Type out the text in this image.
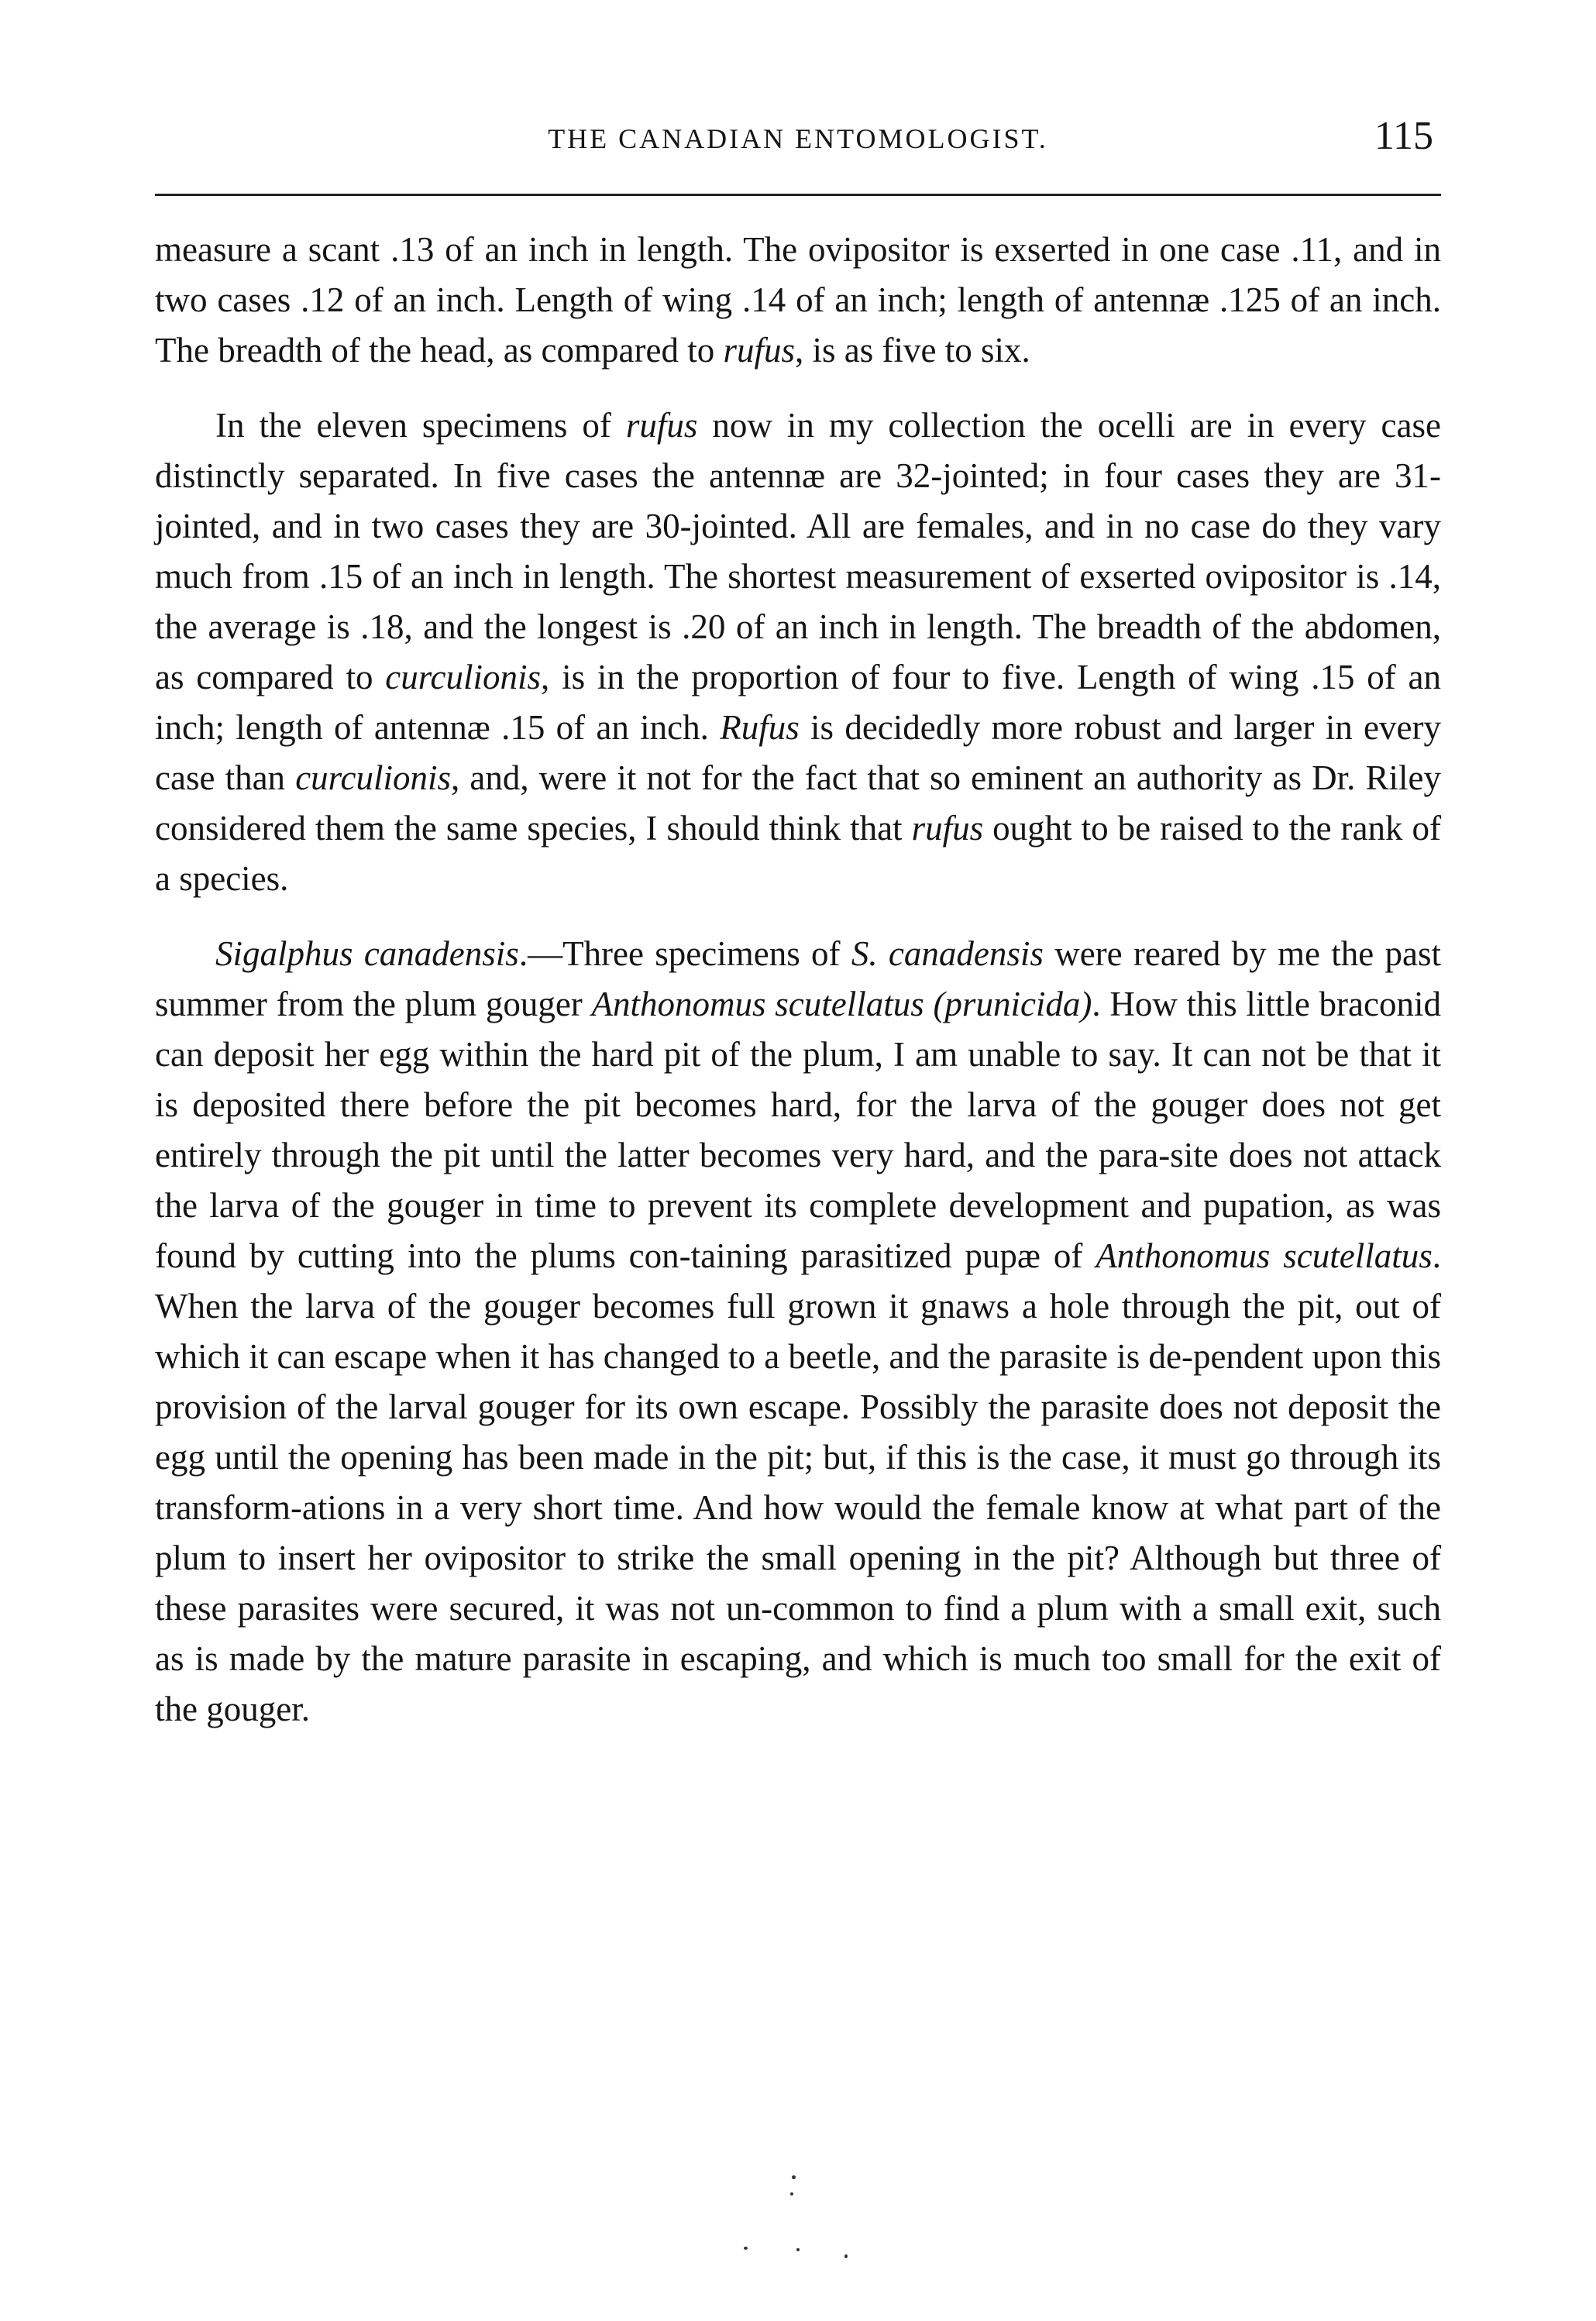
THE CANADIAN ENTOMOLOGIST.	115

measure a scant .13 of an inch in length. The ovipositor is exserted in one case .11, and in two cases .12 of an inch. Length of wing .14 of an inch; length of antennæ .125 of an inch. The breadth of the head, as compared to rufus, is as five to six.

In the eleven specimens of rufus now in my collection the ocelli are in every case distinctly separated. In five cases the antennæ are 32-jointed; in four cases they are 31-jointed, and in two cases they are 30-jointed. All are females, and in no case do they vary much from .15 of an inch in length. The shortest measurement of exserted ovipositor is .14, the average is .18, and the longest is .20 of an inch in length. The breadth of the abdomen, as compared to curculionis, is in the proportion of four to five. Length of wing .15 of an inch; length of antennæ .15 of an inch. Rufus is decidedly more robust and larger in every case than curculionis, and, were it not for the fact that so eminent an authority as Dr. Riley considered them the same species, I should think that rufus ought to be raised to the rank of a species.

Sigalphus canadensis.—Three specimens of S. canadensis were reared by me the past summer from the plum gouger Anthonomus scutellatus (prunicida). How this little braconid can deposit her egg within the hard pit of the plum, I am unable to say. It can not be that it is deposited there before the pit becomes hard, for the larva of the gouger does not get entirely through the pit until the latter becomes very hard, and the para-site does not attack the larva of the gouger in time to prevent its complete development and pupation, as was found by cutting into the plums con-taining parasitized pupæ of Anthonomus scutellatus. When the larva of the gouger becomes full grown it gnaws a hole through the pit, out of which it can escape when it has changed to a beetle, and the parasite is de-pendent upon this provision of the larval gouger for its own escape. Possibly the parasite does not deposit the egg until the opening has been made in the pit; but, if this is the case, it must go through its transform-ations in a very short time. And how would the female know at what part of the plum to insert her ovipositor to strike the small opening in the pit? Although but three of these parasites were secured, it was not un-common to find a plum with a small exit, such as is made by the mature parasite in escaping, and which is much too small for the exit of the gouger.
